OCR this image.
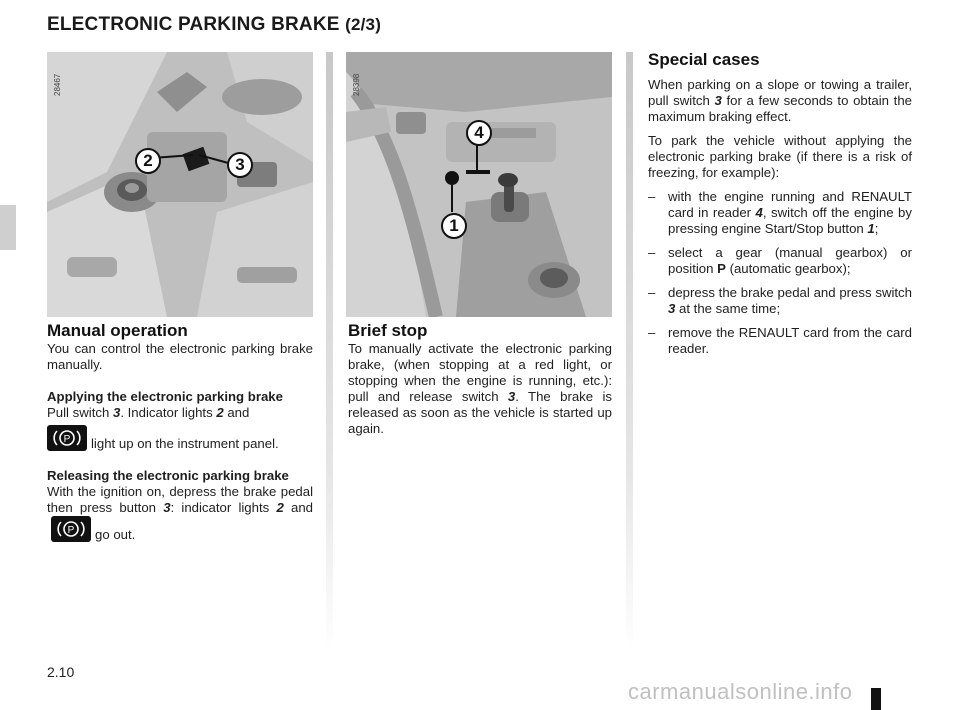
ELECTRONIC PARKING BRAKE (2/3)
28467
2	3
28398
4
1
Manual operation
You can control the electronic parking brake manually.
Applying the electronic parking brake
Pull switch 3. Indicator lights 2 and
P light up on the instrument panel.
Releasing the electronic parking brake
With the ignition on, depress the brake pedal then press button 3: indicator lights 2 and
P go out.
Brief stop
To manually activate the electronic parking brake, (when stopping at a red light, or stopping when the engine is running, etc.): pull and release switch 3. The brake is released as soon as the vehicle is started up again.
Special cases
When parking on a slope or towing a trailer, pull switch 3 for a few seconds to obtain the maximum braking effect.
To park the vehicle without applying the electronic parking brake (if there is a risk of freezing, for example):
– with the engine running and RENAULT card in reader 4, switch off the engine by pressing engine Start/Stop button 1;
– select a gear (manual gearbox) or position P (automatic gearbox);
– depress the brake pedal and press switch 3 at the same time;
– remove the RENAULT card from the card reader.
2.10
carmanualsonline.info
